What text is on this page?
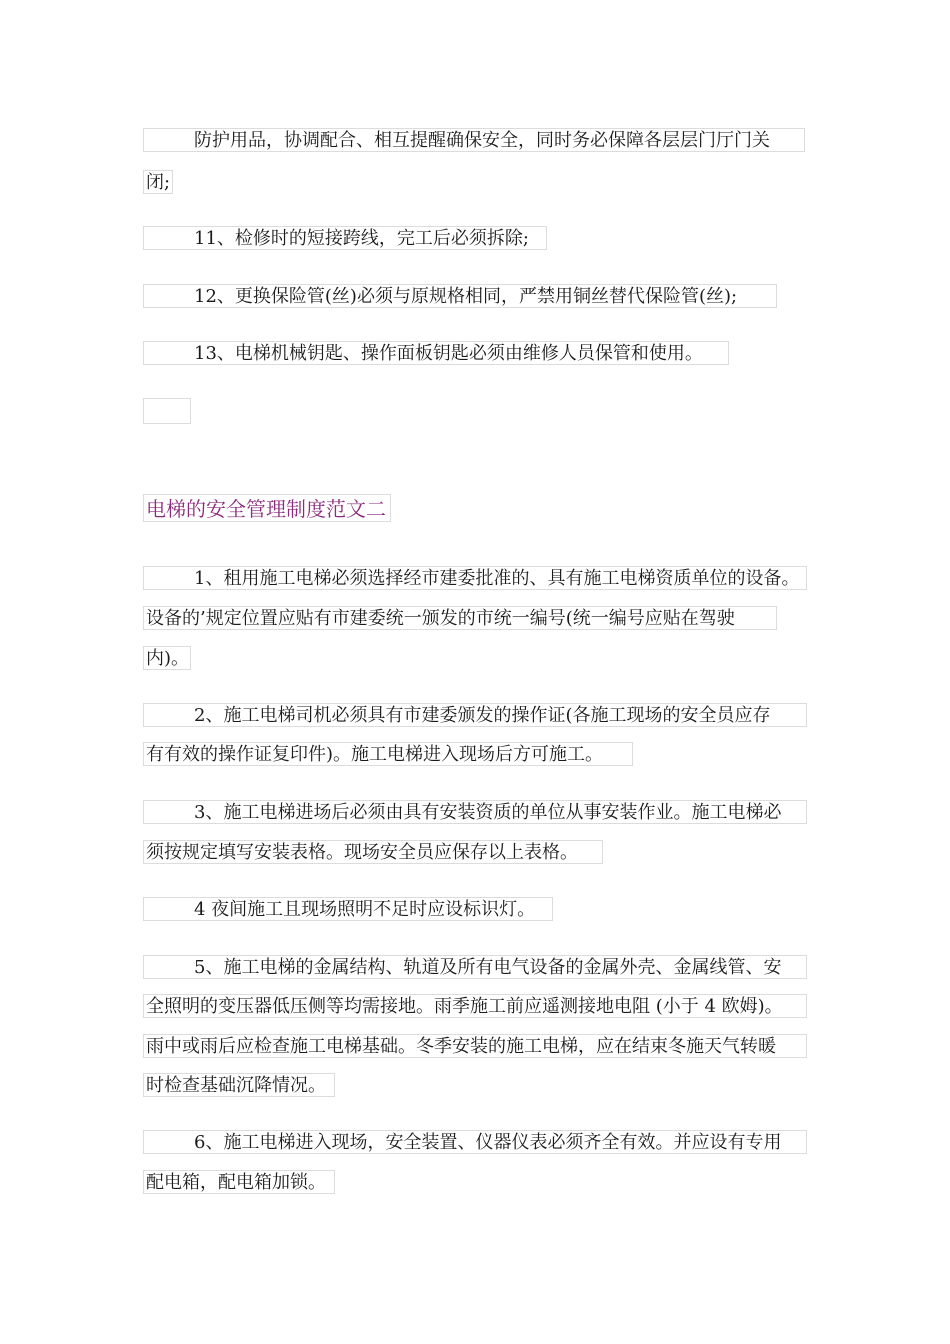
防护用品，协调配合、相互提醒确保安全，同时务必保障各层层门厅门关
闭;
11、检修时的短接跨线，完工后必须拆除;
12、更换保险管(丝)必须与原规格相同，严禁用铜丝替代保险管(丝);
13、电梯机械钥匙、操作面板钥匙必须由维修人员保管和使用。
电梯的安全管理制度范文二
1、租用施工电梯必须选择经市建委批准的、具有施工电梯资质单位的设备。
设备的’规定位置应贴有市建委统一颁发的市统一编号(统一编号应贴在驾驶
内)。
2、施工电梯司机必须具有市建委颁发的操作证(各施工现场的安全员应存
有有效的操作证复印件)。施工电梯进入现场后方可施工。
3、施工电梯进场后必须由具有安装资质的单位从事安装作业。施工电梯必
须按规定填写安装表格。现场安全员应保存以上表格。
4 夜间施工且现场照明不足时应设标识灯。
5、施工电梯的金属结构、轨道及所有电气设备的金属外壳、金属线管、安
全照明的变压器低压侧等均需接地。雨季施工前应遥测接地电阻 (小于 4 欧姆)。
雨中或雨后应检查施工电梯基础。冬季安装的施工电梯，应在结束冬施天气转暖
时检查基础沉降情况。
6、施工电梯进入现场，安全装置、仪器仪表必须齐全有效。并应设有专用
配电箱，配电箱加锁。
